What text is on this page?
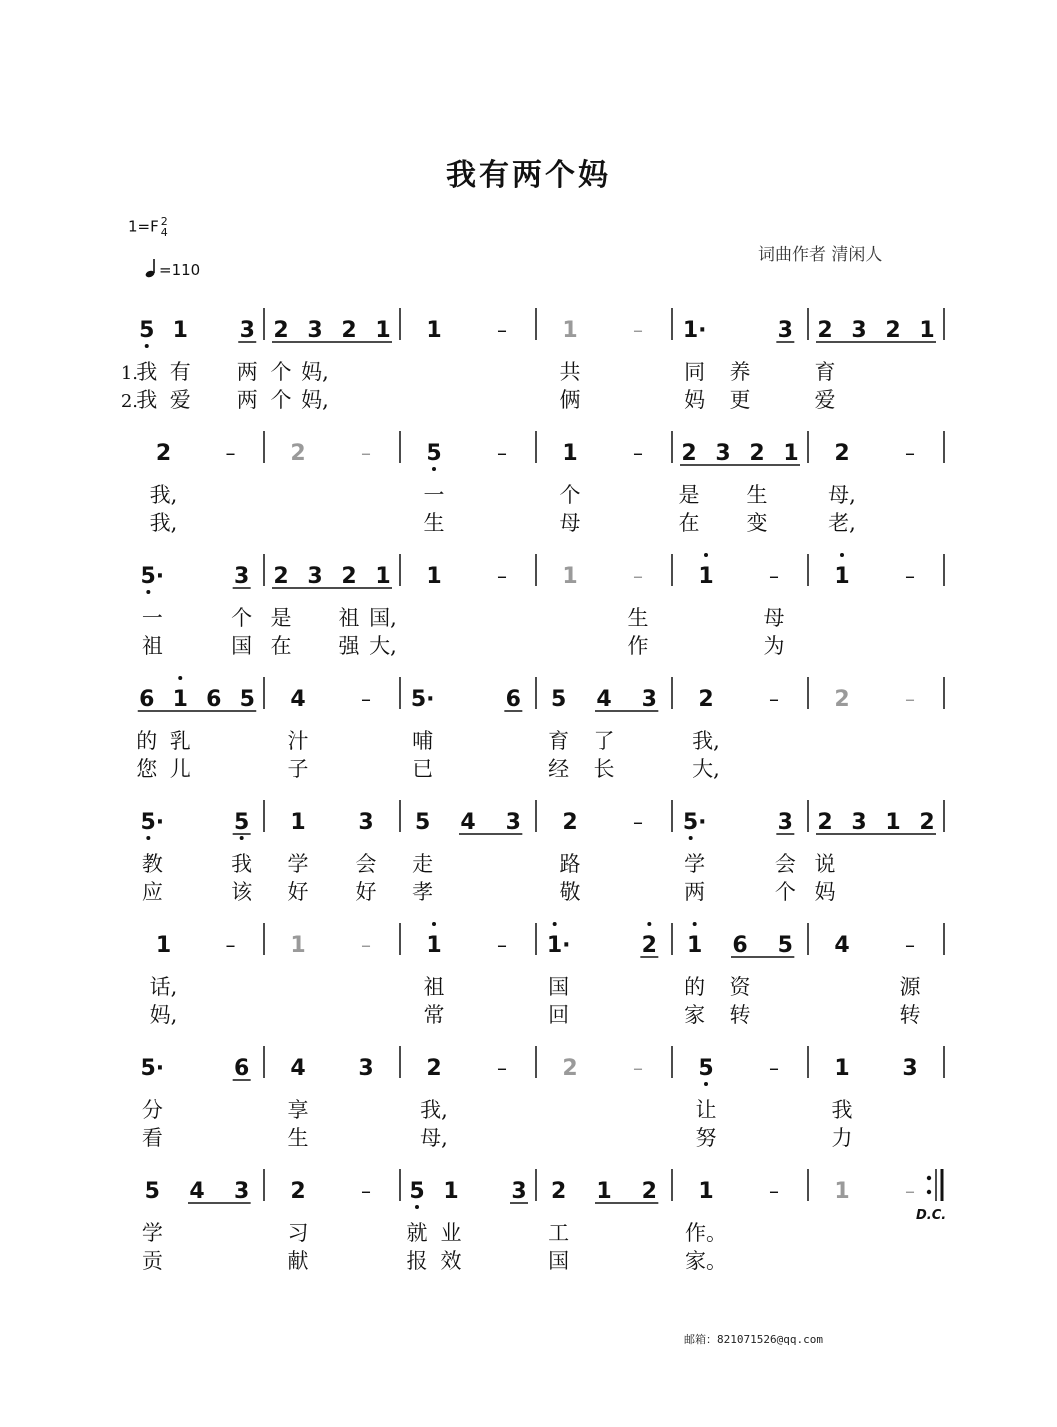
我有两个妈
1=F 2
4
=110
词曲作者 清闲人
5 1 3 2 3 2 1 1	–	1	– 1·	3 2 3 2 1
1.
我 有 两 个 妈,	共	同 养	育
2.
我 爱 两 个 妈,	俩	妈 更	爱
2	– 2	–	5	–	1	– 2 3 2 1 2	–
我,	一	个	是 生	母,
我,	生	母	在 变	老,
5·	3 2 3 2 1 1	–	1	–	1	–	1	–
一	个 是 祖 国,	生	母
祖	国 在 强 大,	作	为
6 1 6 5 4	– 5·	6 5 4 3 2	–	2	–
的 乳	汁	哺	育 了	我,
您 儿	子	已	经 长	大,
5·	5 1 3 5 4 3 2	– 5·	3 2 3 1 2
教	我 学 会 走	路	学	会 说
应	该 好 好 孝	敬	两	个 妈
1	– 1	–	1	– 1·	2 1 6 5 4	–
话,	祖	国	的 资	源
妈,	常	回	家 转	转
5·	6 4 3 2	–	2	–	5	–	1 3
分	享	我,	让	我
看	生	母,	努	力
5 4 3 2	– 5 1 3 2 1 2 1	–	1	–
学	习	就 业	工	作。
贡	献	报 效	国	家。
D.C.
邮箱：821071526@qq.com
